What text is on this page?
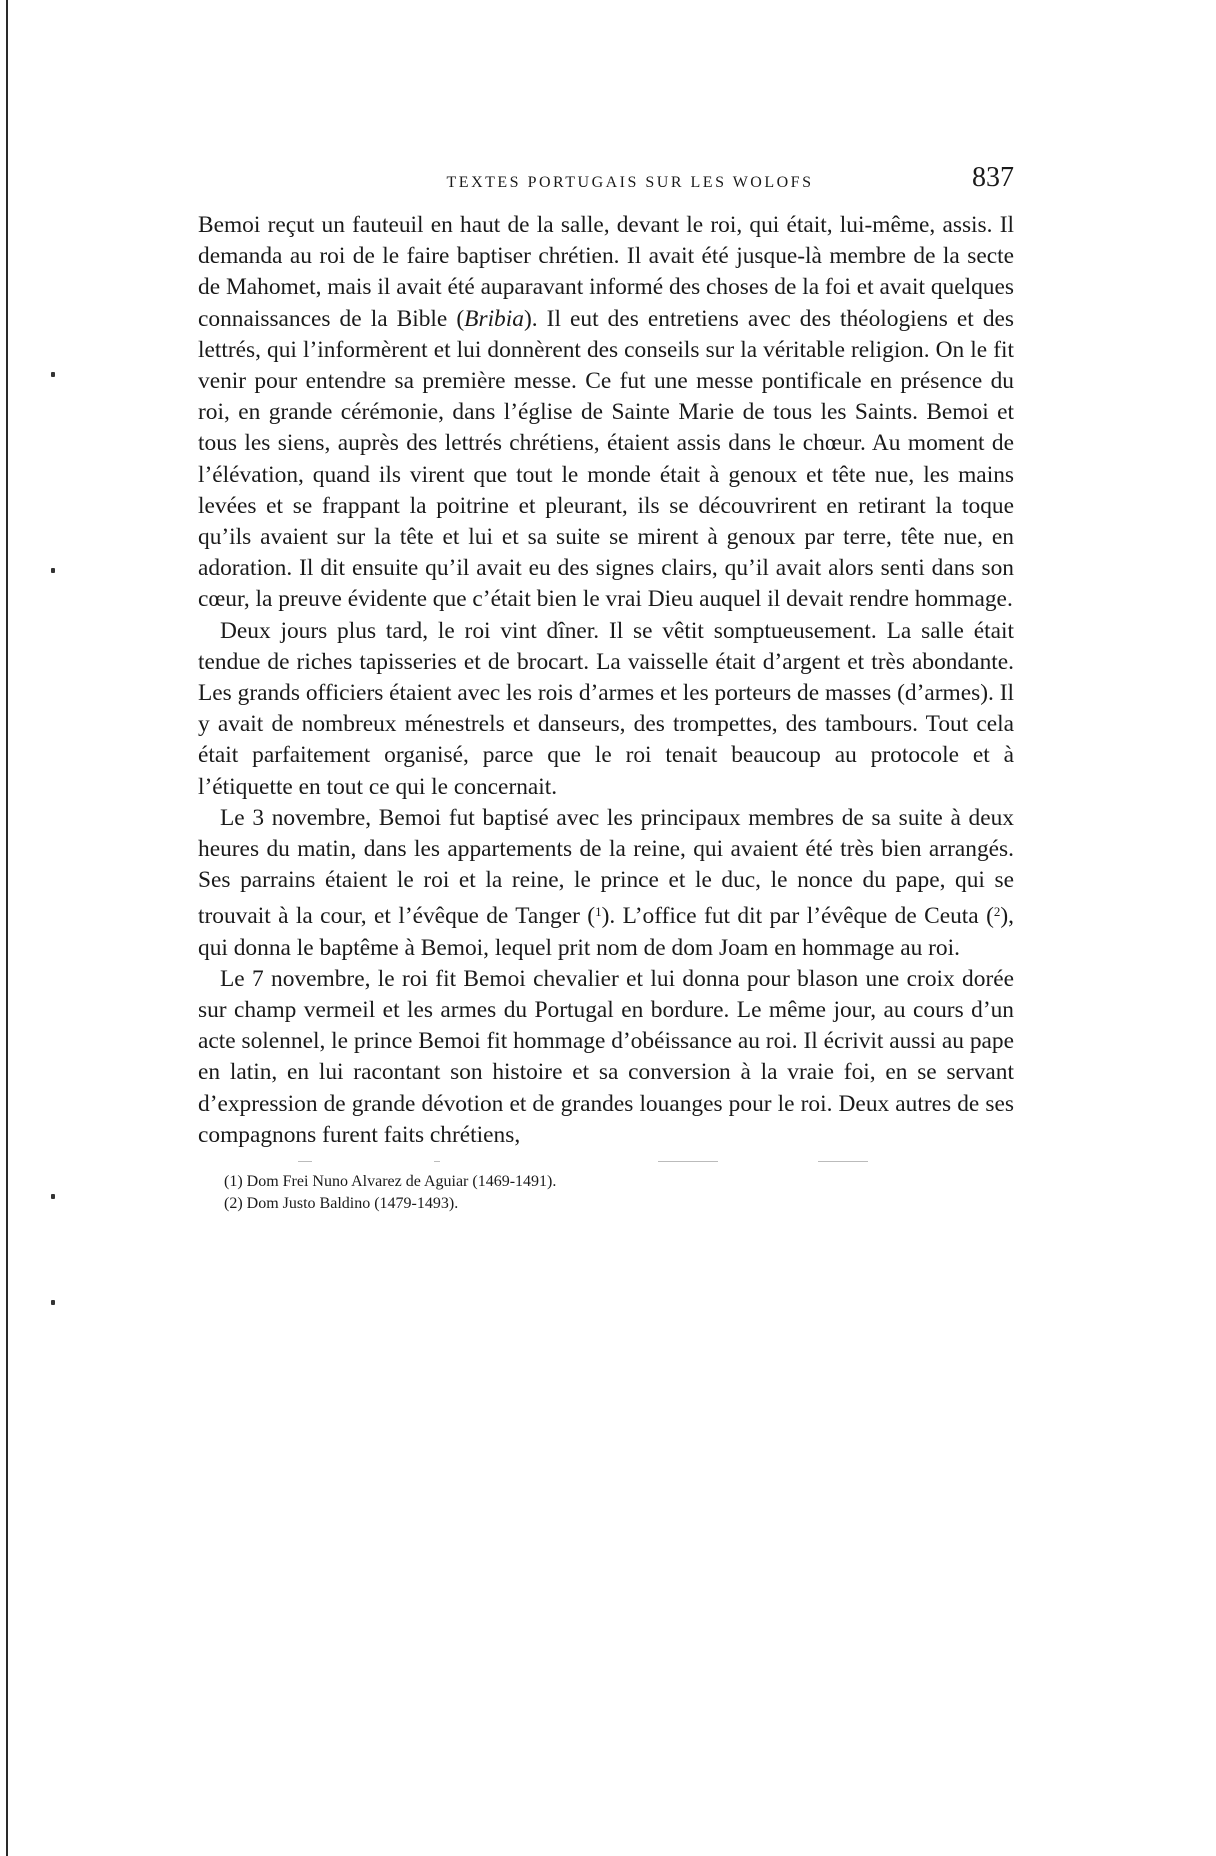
TEXTES PORTUGAIS SUR LES WOLOFS	837

Bemoi reçut un fauteuil en haut de la salle, devant le roi, qui était, lui-même, assis. Il demanda au roi de le faire baptiser chrétien. Il avait été jusque-là membre de la secte de Mahomet, mais il avait été auparavant informé des choses de la foi et avait quelques connaissances de la Bible (Bribia). Il eut des entretiens avec des théologiens et des lettrés, qui l’informèrent et lui donnèrent des conseils sur la véritable religion. On le fit venir pour entendre sa première messe. Ce fut une messe pontificale en présence du roi, en grande cérémonie, dans l’église de Sainte Marie de tous les Saints. Bemoi et tous les siens, auprès des lettrés chrétiens, étaient assis dans le chœur. Au moment de l’élévation, quand ils virent que tout le monde était à genoux et tête nue, les mains levées et se frappant la poitrine et pleurant, ils se découvrirent en retirant la toque qu’ils avaient sur la tête et lui et sa suite se mirent à genoux par terre, tête nue, en adoration. Il dit ensuite qu’il avait eu des signes clairs, qu’il avait alors senti dans son cœur, la preuve évidente que c’était bien le vrai Dieu auquel il devait rendre hommage.

Deux jours plus tard, le roi vint dîner. Il se vêtit somptueusement. La salle était tendue de riches tapisseries et de brocart. La vaisselle était d’argent et très abondante. Les grands officiers étaient avec les rois d’armes et les porteurs de masses (d’armes). Il y avait de nombreux ménestrels et danseurs, des trompettes, des tambours. Tout cela était parfaitement organisé, parce que le roi tenait beaucoup au protocole et à l’étiquette en tout ce qui le concernait.

Le 3 novembre, Bemoi fut baptisé avec les principaux membres de sa suite à deux heures du matin, dans les appartements de la reine, qui avaient été très bien arrangés. Ses parrains étaient le roi et la reine, le prince et le duc, le nonce du pape, qui se trouvait à la cour, et l’évêque de Tanger ($^1$). L’office fut dit par l’évêque de Ceuta ($^2$), qui donna le baptême à Bemoi, lequel prit nom de dom Joam en hommage au roi.

Le 7 novembre, le roi fit Bemoi chevalier et lui donna pour blason une croix dorée sur champ vermeil et les armes du Portugal en bordure. Le même jour, au cours d’un acte solennel, le prince Bemoi fit hommage d’obéissance au roi. Il écrivit aussi au pape en latin, en lui racontant son histoire et sa conversion à la vraie foi, en se servant d’expression de grande dévotion et de grandes louanges pour le roi. Deux autres de ses compagnons furent faits chrétiens,

(1) Dom Frei Nuno Alvarez de Aguiar (1469-1491).

(2) Dom Justo Baldino (1479-1493).
